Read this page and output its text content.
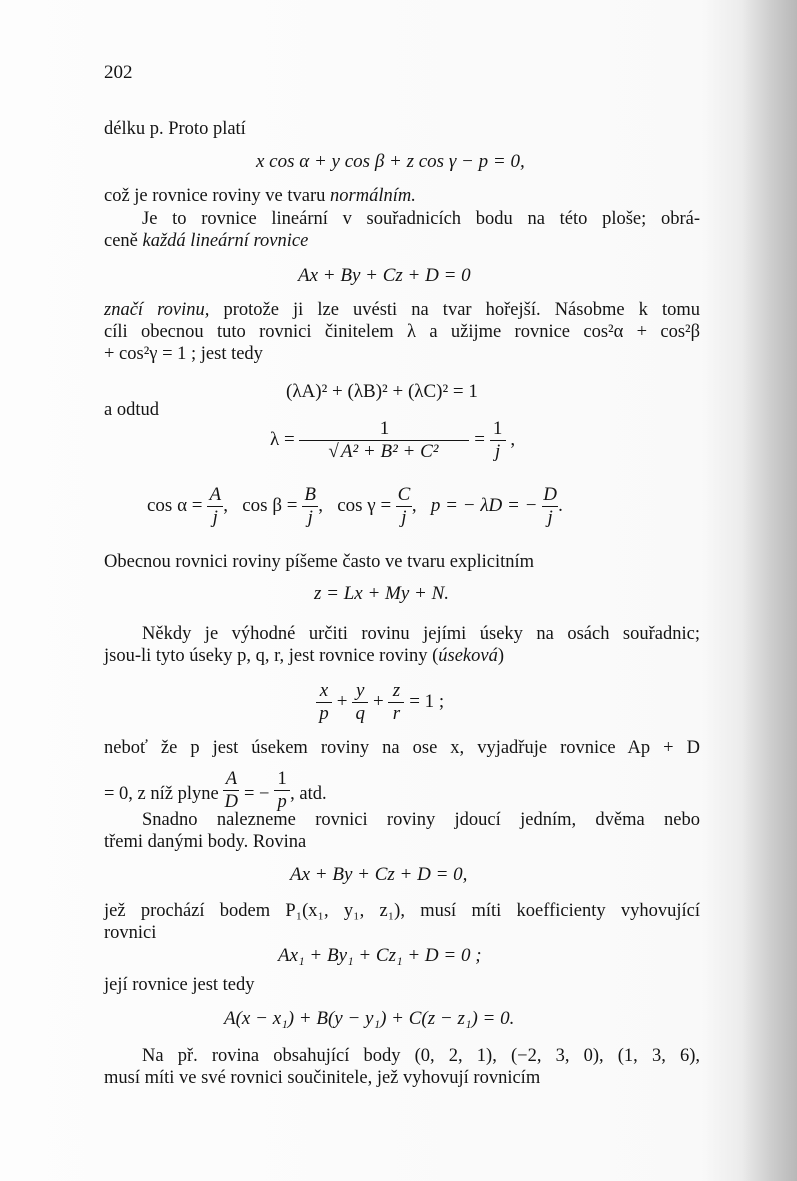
202
délku p. Proto platí
x cos α + y cos β + z cos γ − p = 0,
což je rovnice roviny ve tvaru normálním.
Je to rovnice lineární v souřadnicích bodu na této ploše; obrá-
ceně každá lineární rovnice
Ax + By + Cz + D = 0
značí rovinu, protože ji lze uvésti na tvar hořejší. Násobme k tomu
cíli obecnou tuto rovnici činitelem λ a užijme rovnice cos²α + cos²β
+ cos²γ = 1 ; jest tedy
(λA)² + (λB)² + (λC)² = 1
a odtud
$\lambda = \frac{1}{\text{√ A² + B² + C²}} = \frac{1}{j}$ ,
$\cos \alpha = \frac{A}{j}$ , $\cos \beta = \frac{B}{j}$ , $\cos \gamma = \frac{C}{j}$ , p = − λD = − $\frac{D}{j}$ .
Obecnou rovnici roviny píšeme často ve tvaru explicitním
z = Lx + My + N.
Někdy je výhodné určiti rovinu jejími úseky na osách souřadnic;
jsou-li tyto úseky p, q, r, jest rovnice roviny (úseková)
$\frac{x}{p} + \frac{y}{q} + \frac{z}{r} = 1$ ;
neboť že p jest úsekem roviny na ose x, vyjadřuje rovnice Ap + D
= 0, z níž plyne $\frac{A}{D}$ = − $\frac{1}{p}$ , atd.
Snadno nalezneme rovnici roviny jdoucí jedním, dvěma nebo
třemi danými body. Rovina
Ax + By + Cz + D = 0,
jež prochází bodem P₁(x₁, y₁, z₁), musí míti koefficienty vyhovující
rovnici
Ax₁ + By₁ + Cz₁ + D = 0 ;
její rovnice jest tedy
A(x − x₁) + B(y − y₁) + C(z − z₁) = 0.
Na př. rovina obsahující body (0, 2, 1), (−2, 3, 0), (1, 3, 6),
musí míti ve své rovnici součinitele, jež vyhovují rovnicím
